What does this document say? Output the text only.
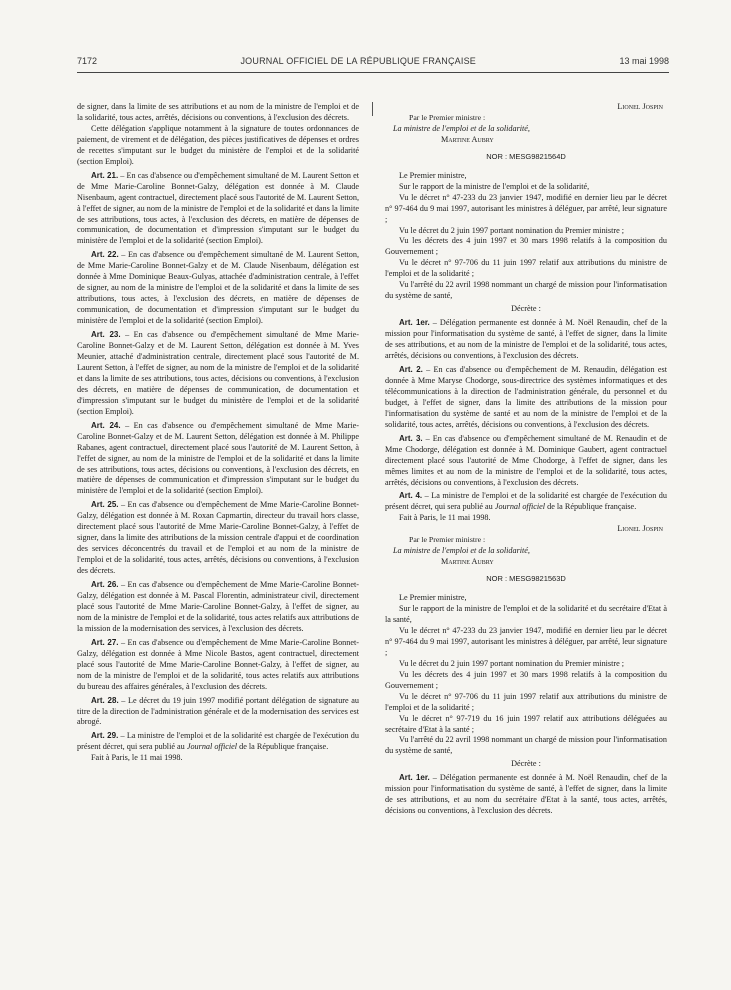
7172	JOURNAL OFFICIEL DE LA RÉPUBLIQUE FRANÇAISE	13 mai 1998

de signer, dans la limite de ses attributions et au nom de la ministre de l'emploi et de la solidarité, tous actes, arrêtés, décisions ou conventions, à l'exclusion des décrets.

Cette délégation s'applique notamment à la signature de toutes ordonnances de paiement, de virement et de délégation, des pièces justificatives de dépenses et ordres de recettes s'imputant sur le budget du ministère de l'emploi et de la solidarité (section Emploi).

Art. 21. – En cas d'absence ou d'empêchement simultané de M. Laurent Setton et de Mme Marie-Caroline Bonnet-Galzy, délégation est donnée à M. Claude Nisenbaum, agent contractuel, directement placé sous l'autorité de M. Laurent Setton, à l'effet de signer, au nom de la ministre de l'emploi et de la solidarité et dans la limite de ses attributions, tous actes, à l'exclusion des décrets, en matière de dépenses de communication, de documentation et d'impression s'imputant sur le budget du ministère de l'emploi et de la solidarité (section Emploi).

Art. 22. – En cas d'absence ou d'empêchement simultané de M. Laurent Setton, de Mme Marie-Caroline Bonnet-Galzy et de M. Claude Nisenbaum, délégation est donnée à Mme Dominique Beaux-Gulyas, attachée d'administration centrale, à l'effet de signer, au nom de la ministre de l'emploi et de la solidarité et dans la limite de ses attributions, tous actes, à l'exclusion des décrets, en matière de dépenses de communication, de documentation et d'impression s'imputant sur le budget du ministère de l'emploi et de la solidarité (section Emploi).

Art. 23. – En cas d'absence ou d'empêchement simultané de Mme Marie-Caroline Bonnet-Galzy et de M. Laurent Setton, délégation est donnée à M. Yves Meunier, attaché d'administration centrale, directement placé sous l'autorité de M. Laurent Setton, à l'effet de signer, au nom de la ministre de l'emploi et de la solidarité et dans la limite de ses attributions, tous actes, décisions ou conventions, à l'exclusion des décrets, en matière de dépenses de communication, de documentation et d'impression s'imputant sur le budget du ministère de l'emploi et de la solidarité (section Emploi).

Art. 24. – En cas d'absence ou d'empêchement simultané de Mme Marie-Caroline Bonnet-Galzy et de M. Laurent Setton, délégation est donnée à M. Philippe Rabanes, agent contractuel, directement placé sous l'autorité de M. Laurent Setton, à l'effet de signer, au nom de la ministre de l'emploi et de la solidarité et dans la limite de ses attributions, tous actes, décisions ou conventions, à l'exclusion des décrets, en matière de dépenses de communication et d'impression s'imputant sur le budget du ministère de l'emploi et de la solidarité (section Emploi).

Art. 25. – En cas d'absence ou d'empêchement de Mme Marie-Caroline Bonnet-Galzy, délégation est donnée à M. Roxan Capmartin, directeur du travail hors classe, directement placé sous l'autorité de Mme Marie-Caroline Bonnet-Galzy, à l'effet de signer, dans la limite des attributions de la mission centrale d'appui et de coordination des services déconcentrés du travail et de l'emploi et au nom de la ministre de l'emploi et de la solidarité, tous actes, arrêtés, décisions ou conventions, à l'exclusion des décrets.

Art. 26. – En cas d'absence ou d'empêchement de Mme Marie-Caroline Bonnet-Galzy, délégation est donnée à M. Pascal Florentin, administrateur civil, directement placé sous l'autorité de Mme Marie-Caroline Bonnet-Galzy, à l'effet de signer, au nom de la ministre de l'emploi et de la solidarité, tous actes relatifs aux attributions de la mission de la modernisation des services, à l'exclusion des décrets.

Art. 27. – En cas d'absence ou d'empêchement de Mme Marie-Caroline Bonnet-Galzy, délégation est donnée à Mme Nicole Bastos, agent contractuel, directement placé sous l'autorité de Mme Marie-Caroline Bonnet-Galzy, à l'effet de signer, au nom de la ministre de l'emploi et de la solidarité, tous actes relatifs aux attributions du bureau des affaires générales, à l'exclusion des décrets.

Art. 28. – Le décret du 19 juin 1997 modifié portant délégation de signature au titre de la direction de l'administration générale et de la modernisation des services est abrogé.

Art. 29. – La ministre de l'emploi et de la solidarité est chargée de l'exécution du présent décret, qui sera publié au Journal officiel de la République française.

Fait à Paris, le 11 mai 1998.

Lionel Jospin

Par le Premier ministre :

La ministre de l'emploi et de la solidarité,

Martine Aubry

NOR : MESG9821564D

Le Premier ministre,

Sur le rapport de la ministre de l'emploi et de la solidarité,

Vu le décret n° 47-233 du 23 janvier 1947, modifié en dernier lieu par le décret n° 97-464 du 9 mai 1997, autorisant les ministres à déléguer, par arrêté, leur signature ;

Vu le décret du 2 juin 1997 portant nomination du Premier ministre ;

Vu les décrets des 4 juin 1997 et 30 mars 1998 relatifs à la composition du Gouvernement ;

Vu le décret n° 97-706 du 11 juin 1997 relatif aux attributions du ministre de l'emploi et de la solidarité ;

Vu l'arrêté du 22 avril 1998 nommant un chargé de mission pour l'informatisation du système de santé,

Décrète :

Art. 1er. – Délégation permanente est donnée à M. Noël Renaudin, chef de la mission pour l'informatisation du système de santé, à l'effet de signer, dans la limite de ses attributions, et au nom de la ministre de l'emploi et de la solidarité, tous actes, arrêtés, décisions ou conventions, à l'exclusion des décrets.

Art. 2. – En cas d'absence ou d'empêchement de M. Renaudin, délégation est donnée à Mme Maryse Chodorge, sous-directrice des systèmes informatiques et des télécommunications à la direction de l'administration générale, du personnel et du budget, à l'effet de signer, dans la limite des attributions de la mission pour l'informatisation du système de santé et au nom de la ministre de l'emploi et de la solidarité, tous actes, arrêtés, décisions ou conventions, à l'exclusion des décrets.

Art. 3. – En cas d'absence ou d'empêchement simultané de M. Renaudin et de Mme Chodorge, délégation est donnée à M. Dominique Gaubert, agent contractuel directement placé sous l'autorité de Mme Chodorge, à l'effet de signer, dans les mêmes limites et au nom de la ministre de l'emploi et de la solidarité, tous actes, arrêtés, décisions ou conventions, à l'exclusion des décrets.

Art. 4. – La ministre de l'emploi et de la solidarité est chargée de l'exécution du présent décret, qui sera publié au Journal officiel de la République française.

Fait à Paris, le 11 mai 1998.

Lionel Jospin

Par le Premier ministre :

La ministre de l'emploi et de la solidarité,

Martine Aubry

NOR : MESG9821563D

Le Premier ministre,

Sur le rapport de la ministre de l'emploi et de la solidarité et du secrétaire d'Etat à la santé,

Vu le décret n° 47-233 du 23 janvier 1947, modifié en dernier lieu par le décret n° 97-464 du 9 mai 1997, autorisant les ministres à déléguer, par arrêté, leur signature ;

Vu le décret du 2 juin 1997 portant nomination du Premier ministre ;

Vu les décrets des 4 juin 1997 et 30 mars 1998 relatifs à la composition du Gouvernement ;

Vu le décret n° 97-706 du 11 juin 1997 relatif aux attributions du ministre de l'emploi et de la solidarité ;

Vu le décret n° 97-719 du 16 juin 1997 relatif aux attributions déléguées au secrétaire d'Etat à la santé ;

Vu l'arrêté du 22 avril 1998 nommant un chargé de mission pour l'informatisation du système de santé,

Décrète :

Art. 1er. – Délégation permanente est donnée à M. Noël Renaudin, chef de la mission pour l'informatisation du système de santé, à l'effet de signer, dans la limite de ses attributions, et au nom du secrétaire d'Etat à la santé, tous actes, arrêtés, décisions ou conventions, à l'exclusion des décrets.
